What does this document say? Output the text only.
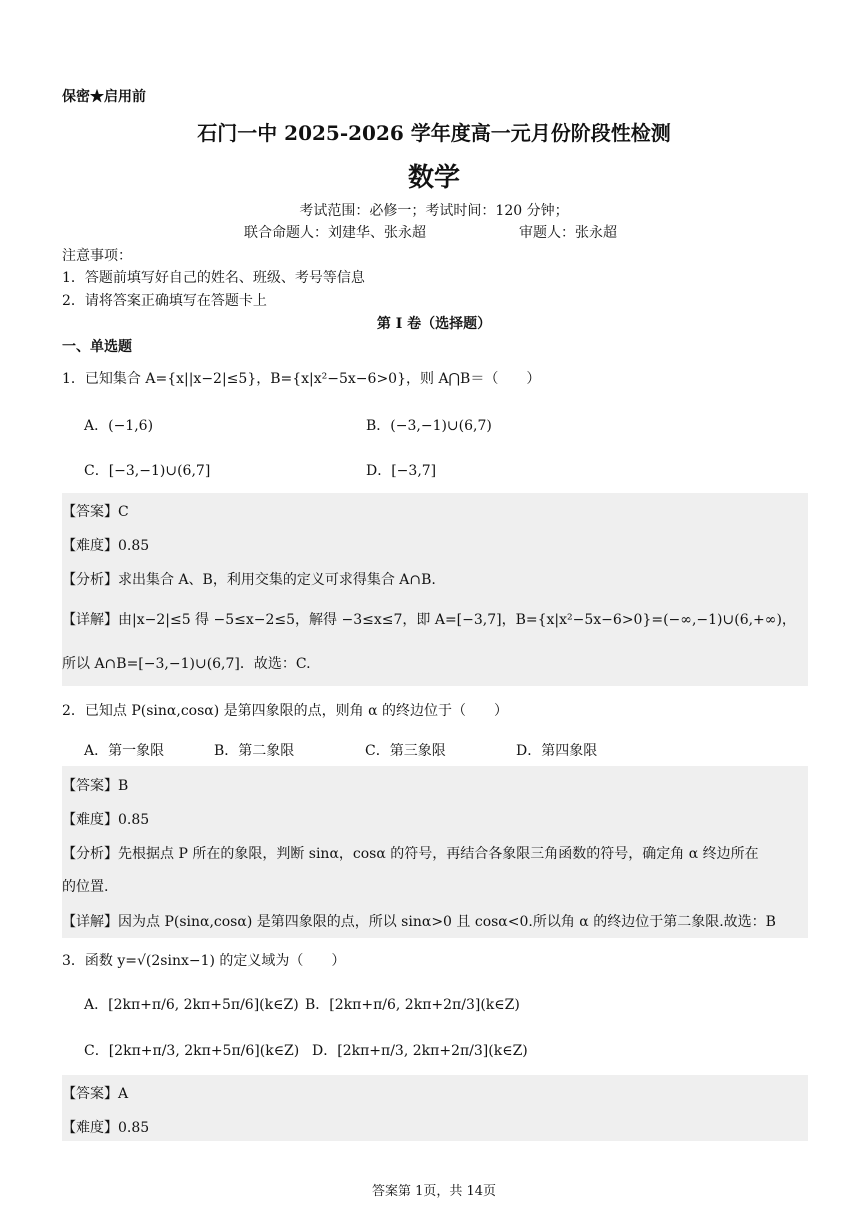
保密★启用前
石门一中 2025-2026 学年度高一元月份阶段性检测
数学
考试范围：必修一；考试时间：120 分钟；
联合命题人：刘建华、张永超	审题人：张永超
注意事项：
1．答题前填写好自己的姓名、班级、考号等信息
2．请将答案正确填写在答题卡上
第 I 卷（选择题）
一、单选题
1．已知集合 A={x||x−2|≤5}，B={x|x²−5x−6>0}，则 A⋂B＝（　　）
A．(−1,6)	B．(−3,−1)∪(6,7)
C．[−3,−1)∪(6,7]	D．[−3,7]
【答案】C
【难度】0.85
【分析】求出集合 A、B，利用交集的定义可求得集合 A∩B.
【详解】由|x−2|≤5 得 −5≤x−2≤5，解得 −3≤x≤7，即 A=[−3,7]，B={x|x²−5x−6>0}=(−∞,−1)∪(6,+∞)，
所以 A∩B=[−3,−1)∪(6,7]．故选：C.
2．已知点 P(sinα,cosα) 是第四象限的点，则角 α 的终边位于（　　）
A．第一象限	B．第二象限	C．第三象限	D．第四象限
【答案】B
【难度】0.85
【分析】先根据点 P 所在的象限，判断 sinα，cosα 的符号，再结合各象限三角函数的符号，确定角 α 终边所在
的位置.
【详解】因为点 P(sinα,cosα) 是第四象限的点，所以 sinα>0 且 cosα<0.所以角 α 的终边位于第二象限.故选：B
3．函数 y=√(2sinx−1) 的定义域为（　　）
A．[2kπ+π/6, 2kπ+5π/6](k∈Z) B．[2kπ+π/6, 2kπ+2π/3](k∈Z)
C．[2kπ+π/3, 2kπ+5π/6](k∈Z) D．[2kπ+π/3, 2kπ+2π/3](k∈Z)
【答案】A
【难度】0.85
答案第 1页，共 14页
